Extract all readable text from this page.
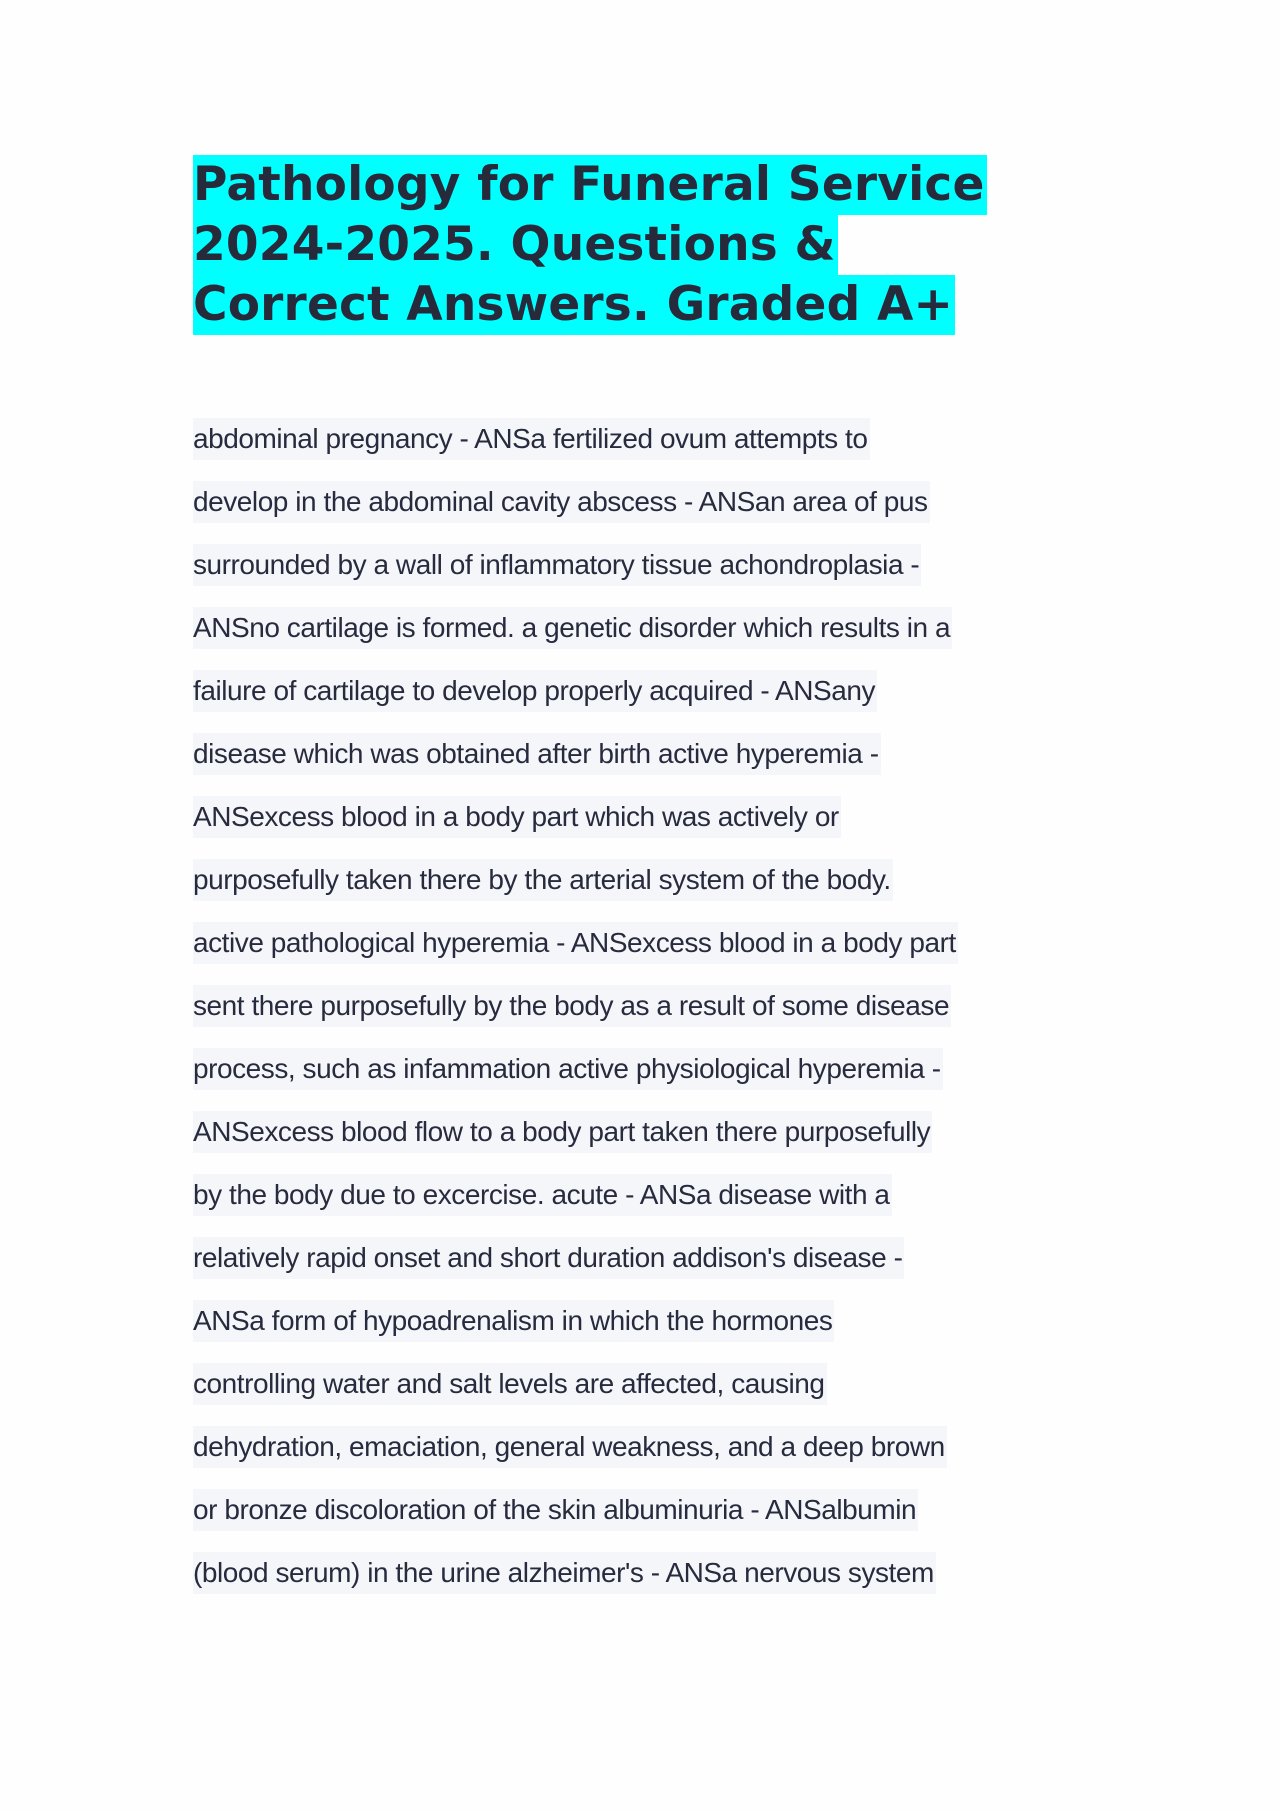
Pathology for Funeral Service
2024-2025. Questions &
Correct Answers. Graded A+
abdominal pregnancy - ANSa fertilized ovum attempts to
develop in the abdominal cavity abscess - ANSan area of pus
surrounded by a wall of inflammatory tissue achondroplasia -
ANSno cartilage is formed. a genetic disorder which results in a
failure of cartilage to develop properly acquired - ANSany
disease which was obtained after birth active hyperemia -
ANSexcess blood in a body part which was actively or
purposefully taken there by the arterial system of the body.
active pathological hyperemia - ANSexcess blood in a body part
sent there purposefully by the body as a result of some disease
process, such as infammation active physiological hyperemia -
ANSexcess blood flow to a body part taken there purposefully
by the body due to excercise. acute - ANSa disease with a
relatively rapid onset and short duration addison's disease -
ANSa form of hypoadrenalism in which the hormones
controlling water and salt levels are affected, causing
dehydration, emaciation, general weakness, and a deep brown
or bronze discoloration of the skin albuminuria - ANSalbumin
(blood serum) in the urine alzheimer's - ANSa nervous system
